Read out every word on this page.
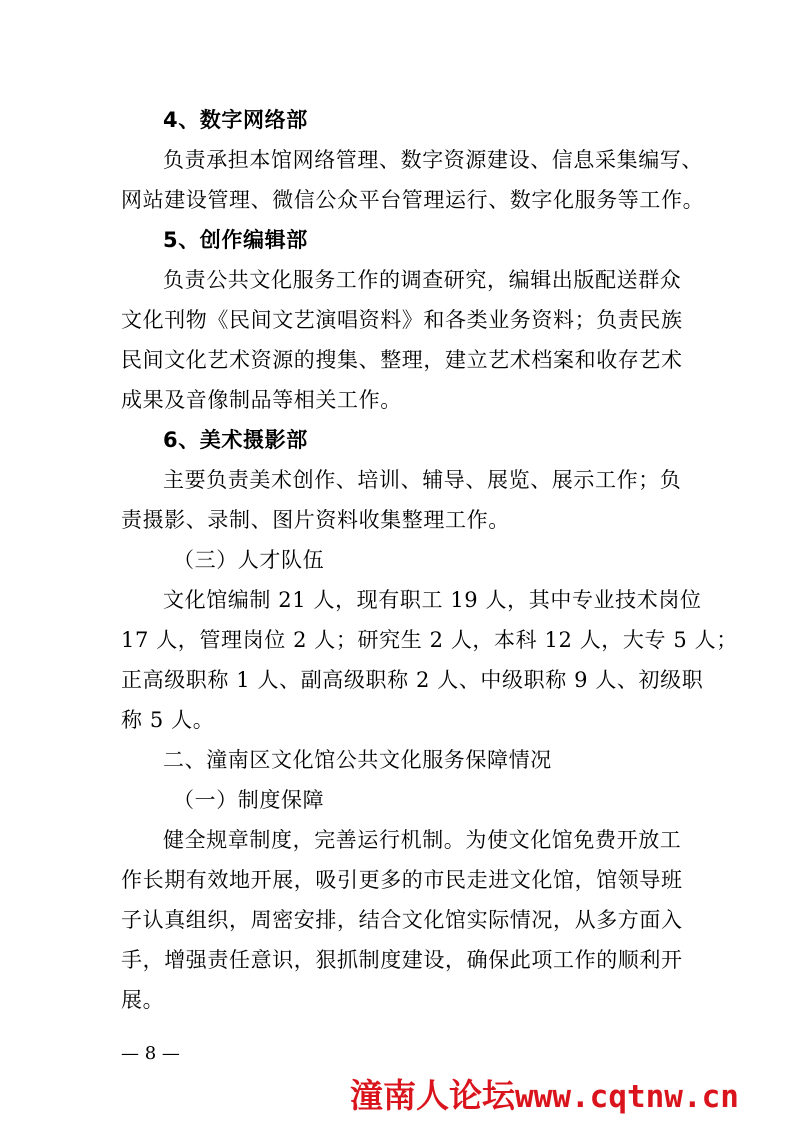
4、数字网络部
负责承担本馆网络管理、数字资源建设、信息采集编写、
网站建设管理、微信公众平台管理运行、数字化服务等工作。
5、创作编辑部
负责公共文化服务工作的调查研究，编辑出版配送群众
文化刊物《民间文艺演唱资料》和各类业务资料；负责民族
民间文化艺术资源的搜集、整理，建立艺术档案和收存艺术
成果及音像制品等相关工作。
6、美术摄影部
主要负责美术创作、培训、辅导、展览、展示工作；负
责摄影、录制、图片资料收集整理工作。
（三）人才队伍
文化馆编制 21 人，现有职工 19 人，其中专业技术岗位
17 人，管理岗位 2 人；研究生 2 人，本科 12 人，大专 5 人；
正高级职称 1 人、副高级职称 2 人、中级职称 9 人、初级职
称 5 人。
二、潼南区文化馆公共文化服务保障情况
（一）制度保障
健全规章制度，完善运行机制。为使文化馆免费开放工
作长期有效地开展，吸引更多的市民走进文化馆，馆领导班
子认真组织，周密安排，结合文化馆实际情况，从多方面入
手，增强责任意识，狠抓制度建设，确保此项工作的顺利开
展。
— 8 —
潼南人论坛www.cqtnw.cn
